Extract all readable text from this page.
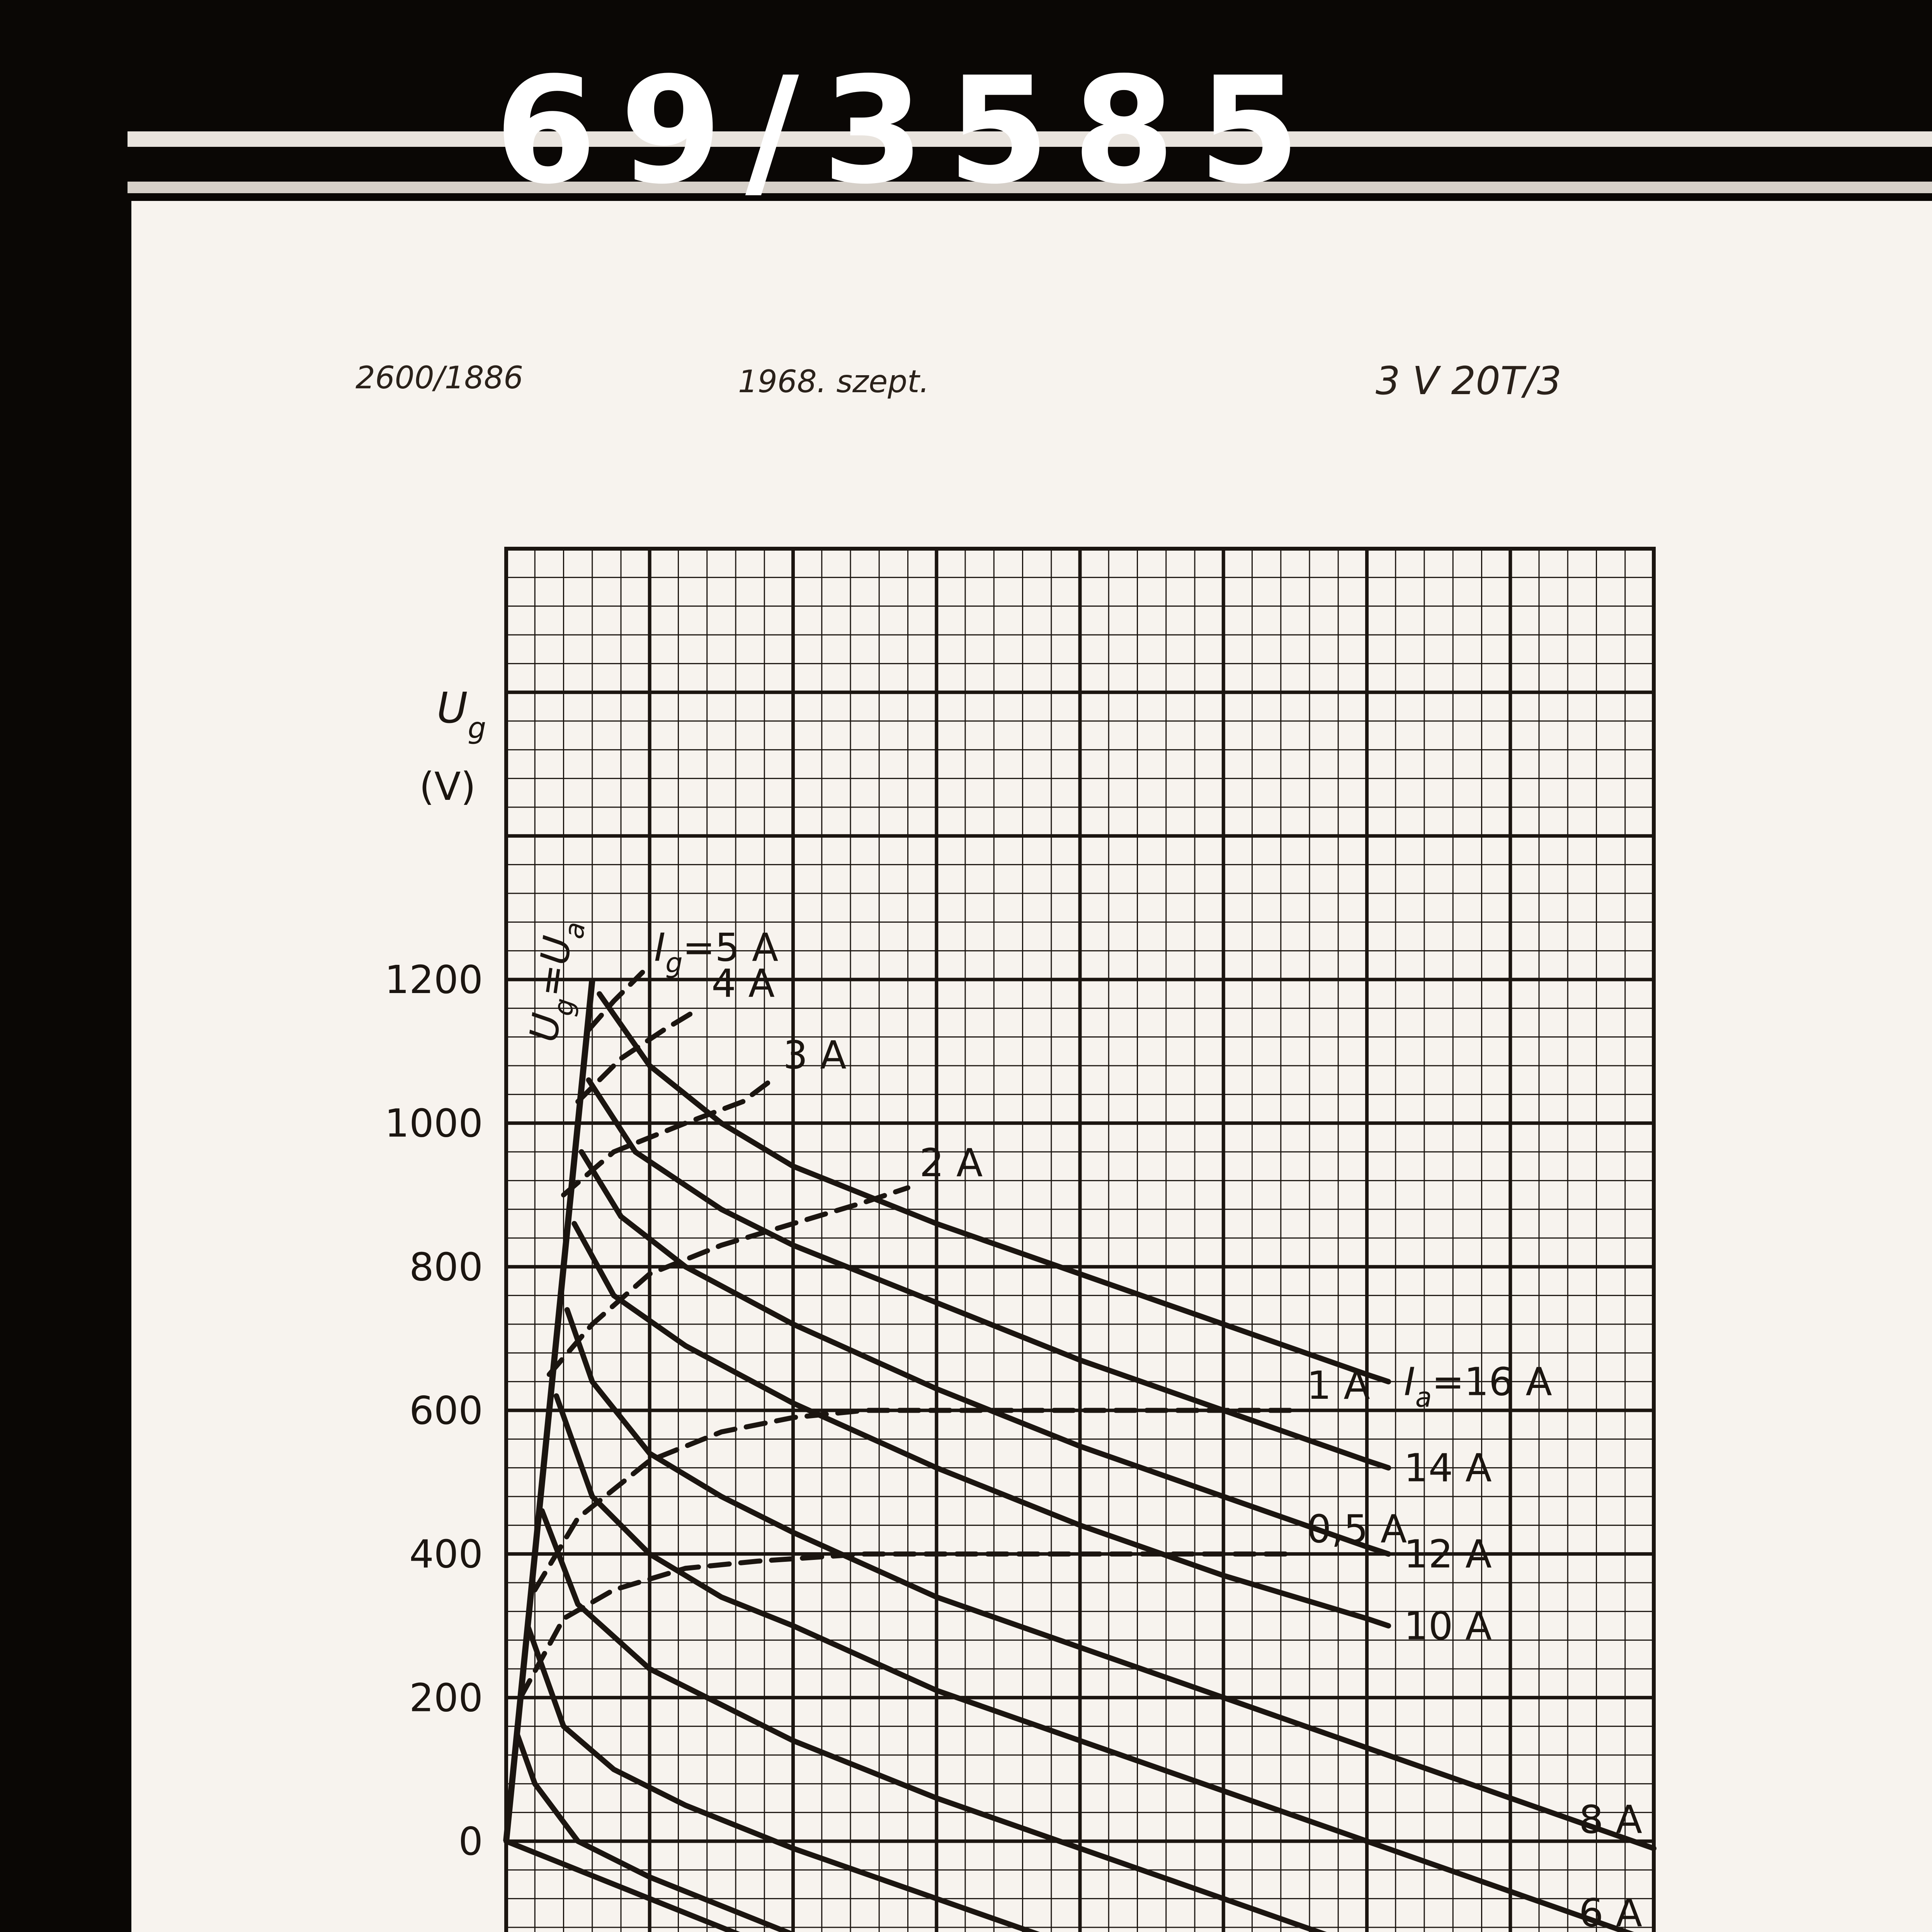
69/3585
2600/1886	1968. szept.	3 V 20T/3
$U_g=U_a$
6 A
8 A
10 A
12 A
14 A
$I_a=16$ A
0,5 A
1 A
2 A
3 A
4 A
$I_g=5$ A
0
200
400
600
800
1000
1200
$U_g$
(V)
